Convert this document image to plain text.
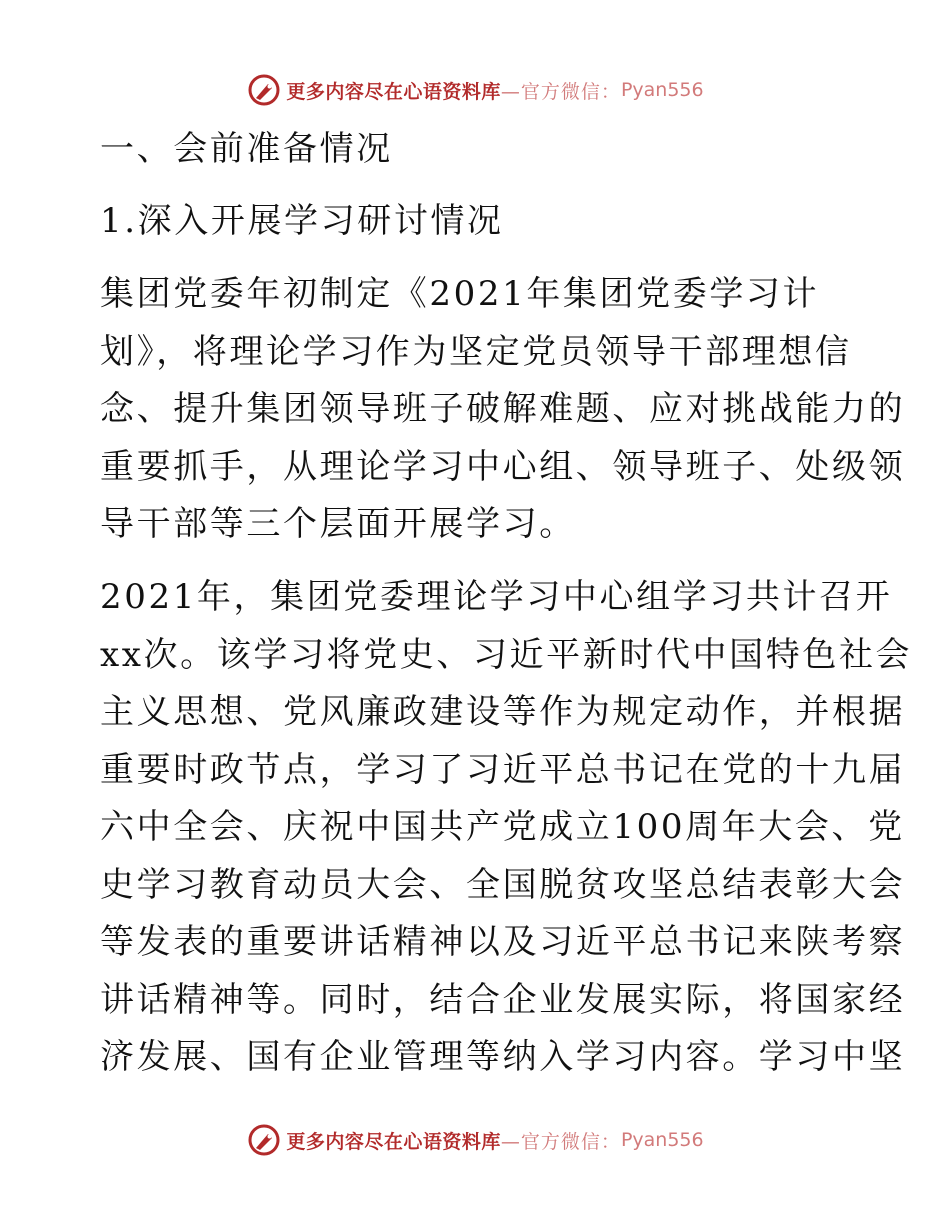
更多内容尽在心语资料库 —官方微信： Pyan556
一、会前准备情况
1.深入开展学习研讨情况
集团党委年初制定《2021年集团党委学习计
划》，将理论学习作为坚定党员领导干部理想信
念、提升集团领导班子破解难题、应对挑战能力的
重要抓手，从理论学习中心组、领导班子、处级领
导干部等三个层面开展学习。
2021年，集团党委理论学习中心组学习共计召开
xx次。该学习将党史、习近平新时代中国特色社会
主义思想、党风廉政建设等作为规定动作，并根据
重要时政节点，学习了习近平总书记在党的十九届
六中全会、庆祝中国共产党成立100周年大会、党
史学习教育动员大会、全国脱贫攻坚总结表彰大会
等发表的重要讲话精神以及习近平总书记来陕考察
讲话精神等。同时，结合企业发展实际，将国家经
济发展、国有企业管理等纳入学习内容。学习中坚
更多内容尽在心语资料库 —官方微信： Pyan556
